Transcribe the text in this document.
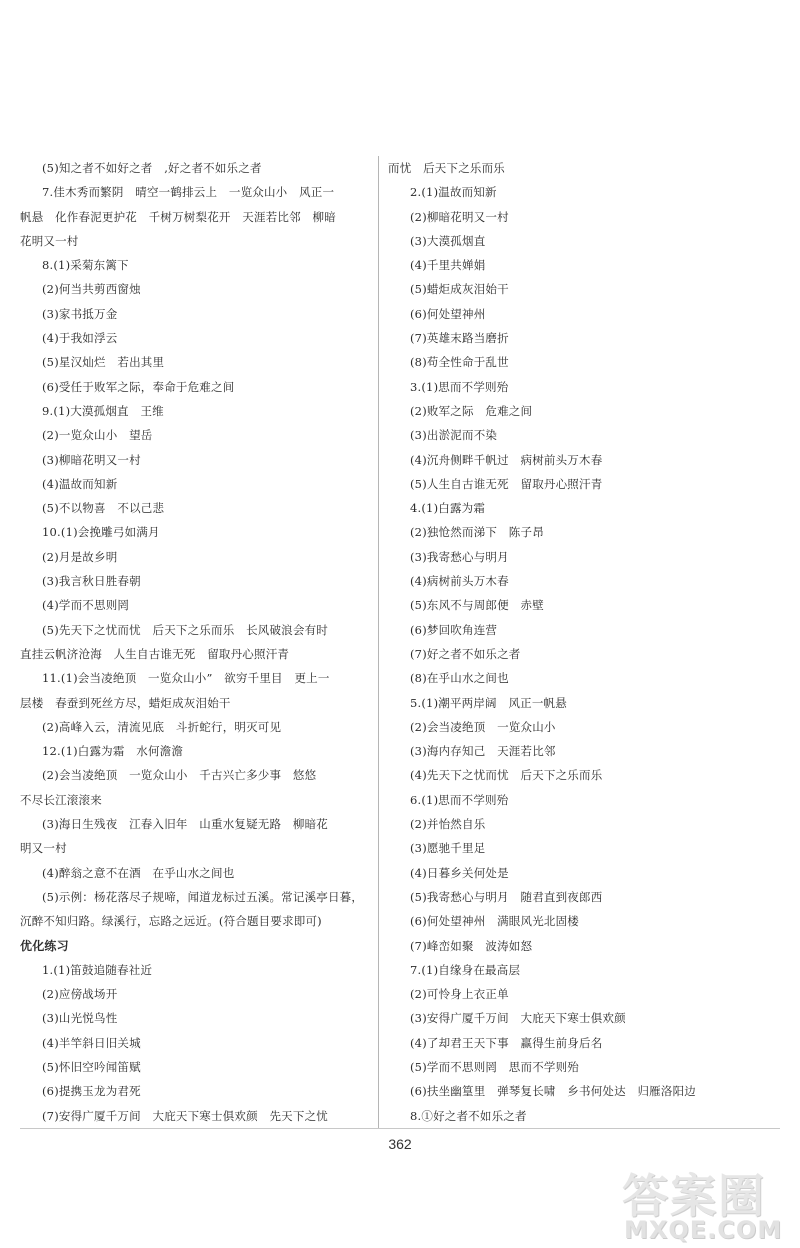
(5)知之者不如好之者　,好之者不如乐之者
7.佳木秀而繁阴　晴空一鹤排云上　一览众山小　风正一
帆悬　化作春泥更护花　千树万树梨花开　天涯若比邻　柳暗
花明又一村
8.(1)采菊东篱下
(2)何当共剪西窗烛
(3)家书抵万金
(4)于我如浮云
(5)星汉灿烂　若出其里
(6)受任于败军之际，奉命于危难之间
9.(1)大漠孤烟直　王维
(2)一览众山小　望岳
(3)柳暗花明又一村
(4)温故而知新
(5)不以物喜　不以己悲
10.(1)会挽雕弓如满月
(2)月是故乡明
(3)我言秋日胜春朝
(4)学而不思则罔
(5)先天下之忧而忧　后天下之乐而乐　长风破浪会有时
直挂云帆济沧海　人生自古谁无死　留取丹心照汗青
11.(1)会当凌绝顶　一览众山小”　欲穷千里目　更上一
层楼　春蚕到死丝方尽，蜡炬成灰泪始干
(2)高峰入云，清流见底　斗折蛇行，明灭可见
12.(1)白露为霜　水何澹澹
(2)会当凌绝顶　一览众山小　千古兴亡多少事　悠悠
不尽长江滚滚来
(3)海日生残夜　江春入旧年　山重水复疑无路　柳暗花
明又一村
(4)醉翁之意不在酒　在乎山水之间也
(5)示例：杨花落尽子规啼，闻道龙标过五溪。常记溪亭日暮，
沉醉不知归路。绿溪行，忘路之远近。(符合题目要求即可)
优化练习
1.(1)笛鼓追随春社近
(2)应傍战场开
(3)山光悦鸟性
(4)半竿斜日旧关城
(5)怀旧空吟闻笛赋
(6)提携玉龙为君死
(7)安得广厦千万间　大庇天下寒士俱欢颜　先天下之忧
而忧　后天下之乐而乐
2.(1)温故而知新
(2)柳暗花明又一村
(3)大漠孤烟直
(4)千里共婵娟
(5)蜡炬成灰泪始干
(6)何处望神州
(7)英雄末路当磨折
(8)苟全性命于乱世
3.(1)思而不学则殆
(2)败军之际　危难之间
(3)出淤泥而不染
(4)沉舟侧畔千帆过　病树前头万木春
(5)人生自古谁无死　留取丹心照汗青
4.(1)白露为霜
(2)独怆然而涕下　陈子昂
(3)我寄愁心与明月
(4)病树前头万木春
(5)东风不与周郎便　赤壁
(6)梦回吹角连营
(7)好之者不如乐之者
(8)在乎山水之间也
5.(1)潮平两岸阔　风正一帆悬
(2)会当凌绝顶　一览众山小
(3)海内存知己　天涯若比邻
(4)先天下之忧而忧　后天下之乐而乐
6.(1)思而不学则殆
(2)并怡然自乐
(3)愿驰千里足
(4)日暮乡关何处是
(5)我寄愁心与明月　随君直到夜郎西
(6)何处望神州　满眼风光北固楼
(7)峰峦如聚　波涛如怒
7.(1)自缘身在最高层
(2)可怜身上衣正单
(3)安得广厦千万间　大庇天下寒士俱欢颜
(4)了却君王天下事　赢得生前身后名
(5)学而不思则罔　思而不学则殆
(6)扶坐幽篁里　弹琴复长啸　乡书何处达　归雁洛阳边
8.①好之者不如乐之者
362
答案圈
MXQE.COM
